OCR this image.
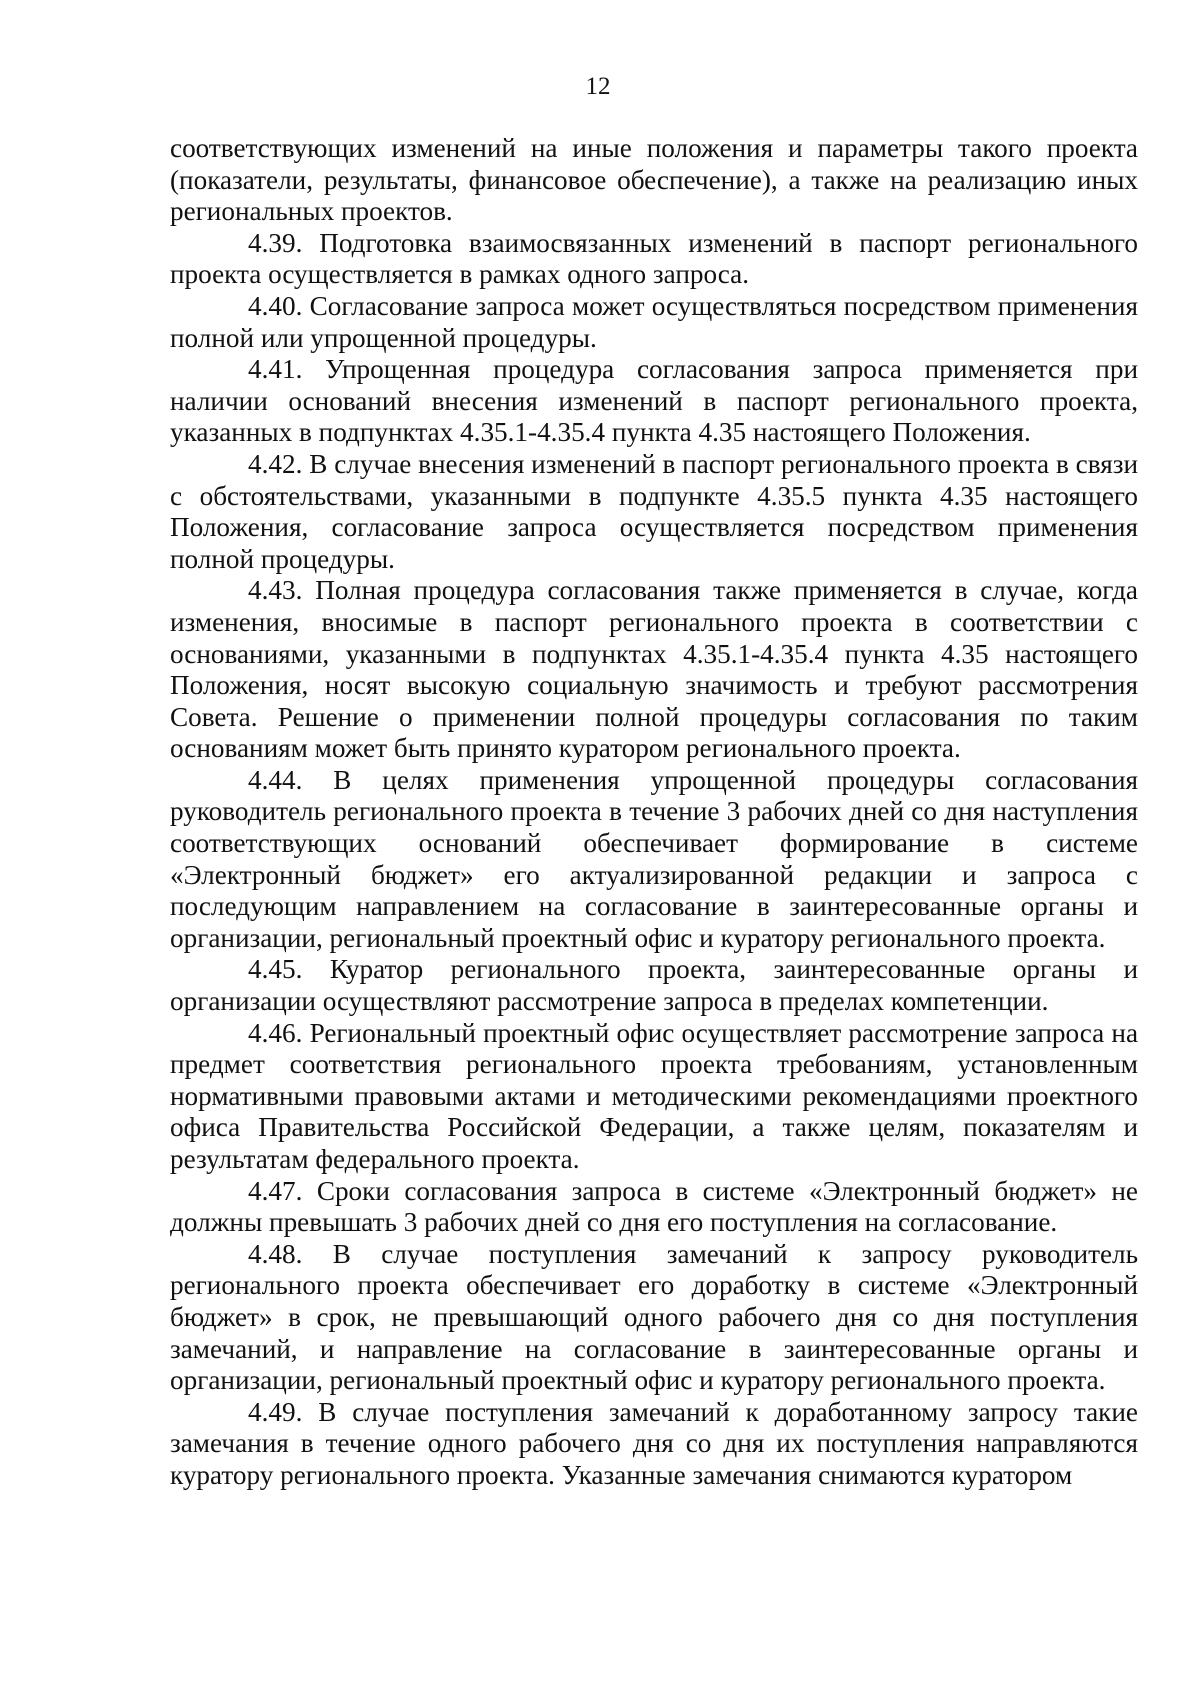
12

соответствующих изменений на иные положения и параметры такого проекта (показатели, результаты, финансовое обеспечение), а также на реализацию иных региональных проектов.

4.39. Подготовка взаимосвязанных изменений в паспорт регионального проекта осуществляется в рамках одного запроса.

4.40. Согласование запроса может осуществляться посредством применения полной или упрощенной процедуры.

4.41. Упрощенная процедура согласования запроса применяется при наличии оснований внесения изменений в паспорт регионального проекта, указанных в подпунктах 4.35.1-4.35.4 пункта 4.35 настоящего Положения.

4.42. В случае внесения изменений в паспорт регионального проекта в связи с обстоятельствами, указанными в подпункте 4.35.5 пункта 4.35 настоящего Положения, согласование запроса осуществляется посредством применения полной процедуры.

4.43. Полная процедура согласования также применяется в случае, когда изменения, вносимые в паспорт регионального проекта в соответствии с основаниями, указанными в подпунктах 4.35.1-4.35.4 пункта 4.35 настоящего Положения, носят высокую социальную значимость и требуют рассмотрения Совета. Решение о применении полной процедуры согласования по таким основаниям может быть принято куратором регионального проекта.

4.44. В целях применения упрощенной процедуры согласования руководитель регионального проекта в течение 3 рабочих дней со дня наступления соответствующих оснований обеспечивает формирование в системе «Электронный бюджет» его актуализированной редакции и запроса с последующим направлением на согласование в заинтересованные органы и организации, региональный проектный офис и куратору регионального проекта.

4.45. Куратор регионального проекта, заинтересованные органы и организации осуществляют рассмотрение запроса в пределах компетенции.

4.46. Региональный проектный офис осуществляет рассмотрение запроса на предмет соответствия регионального проекта требованиям, установленным нормативными правовыми актами и методическими рекомендациями проектного офиса Правительства Российской Федерации, а также целям, показателям и результатам федерального проекта.

4.47. Сроки согласования запроса в системе «Электронный бюджет» не должны превышать 3 рабочих дней со дня его поступления на согласование.

4.48. В случае поступления замечаний к запросу руководитель регионального проекта обеспечивает его доработку в системе «Электронный бюджет» в срок, не превышающий одного рабочего дня со дня поступления замечаний, и направление на согласование в заинтересованные органы и организации, региональный проектный офис и куратору регионального проекта.

4.49. В случае поступления замечаний к доработанному запросу такие замечания в течение одного рабочего дня со дня их поступления направляются куратору регионального проекта. Указанные замечания снимаются куратором
